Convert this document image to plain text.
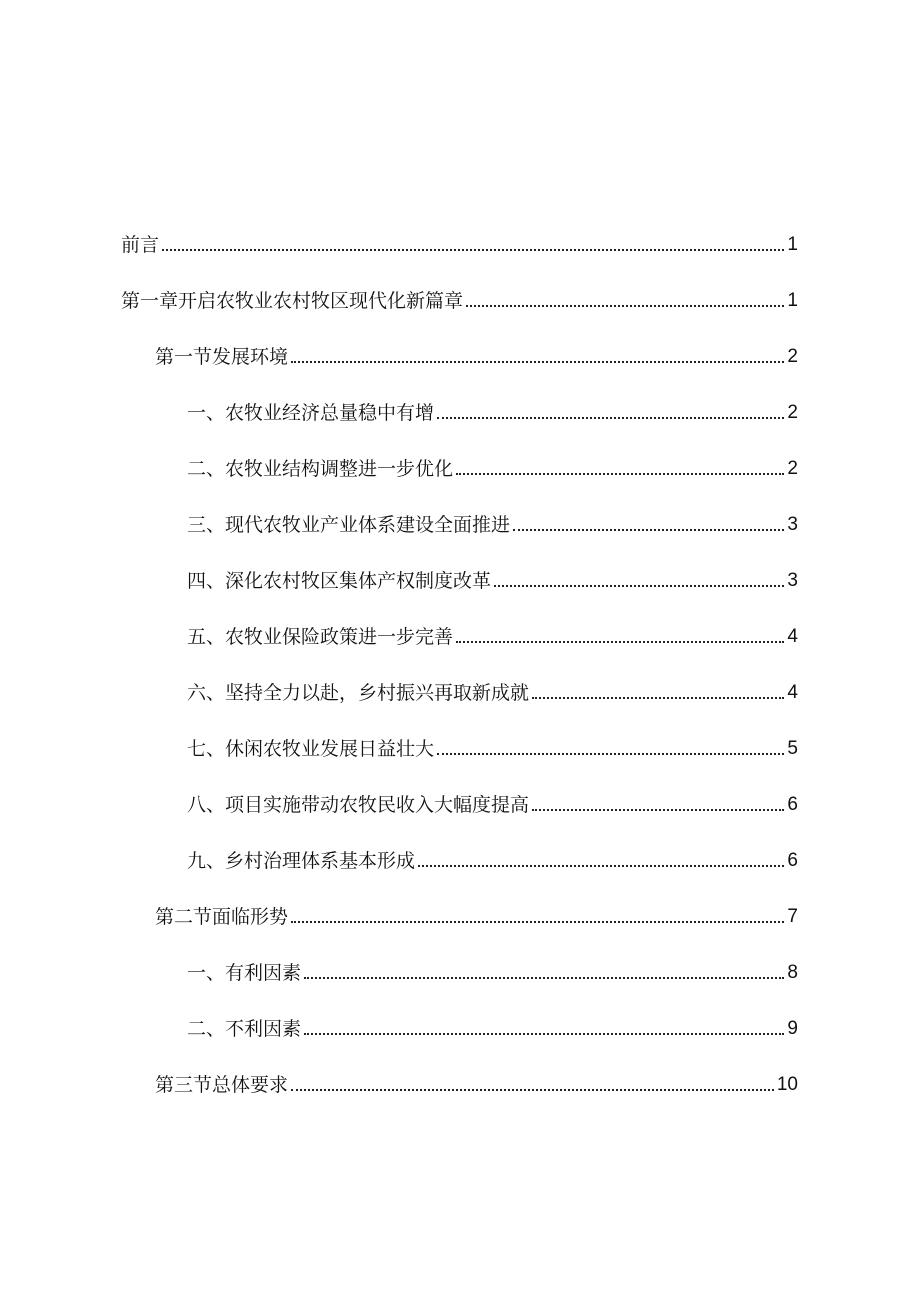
前言	1
第一章开启农牧业农村牧区现代化新篇章	1
第一节发展环境	2
一、农牧业经济总量稳中有增	2
二、农牧业结构调整进一步优化	2
三、现代农牧业产业体系建设全面推进	3
四、深化农村牧区集体产权制度改革	3
五、农牧业保险政策进一步完善	4
六、坚持全力以赴，乡村振兴再取新成就	4
七、休闲农牧业发展日益壮大	5
八、项目实施带动农牧民收入大幅度提高	6
九、乡村治理体系基本形成	6
第二节面临形势	7
一、有利因素	8
二、不利因素	9
第三节总体要求	10
